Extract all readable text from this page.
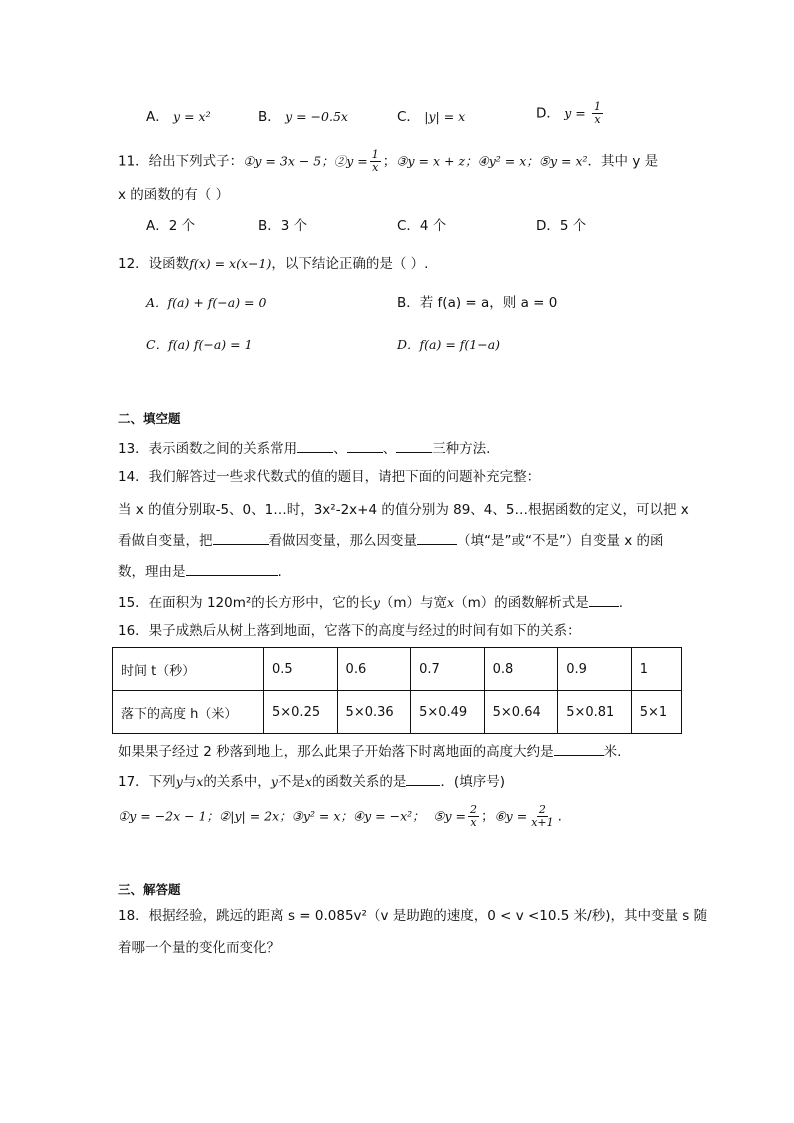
A． y = x²	B． y = −0.5x	C． |y| = x	D． $y = \frac{1}{x}$
11．给出下列式子：①y = 3x − 5；②y = $\frac{1}{x}$ ；③y = x + z；④y² = x；⑤y = x²．其中 y 是
x 的函数的有（ ）
A．2 个	B．3 个	C．4 个	D．5 个
12．设函数f(x) = x(x−1)，以下结论正确的是（ ）.
A．f(a) + f(−a) = 0	B．若 f(a) = a，则 a = 0
C．f(a) f(−a) = 1	D．f(a) = f(1−a)
二、填空题
13．表示函数之间的关系常用	、	、	三种方法.
14．我们解答过一些求代数式的值的题目，请把下面的问题补充完整：
当 x 的值分别取-5、0、1…时，3x²-2x+4 的值分别为 89、4、5…根据函数的定义，可以把 x
看做自变量，把	看做因变量，那么因变量	（填“是”或“不是”）自变量 x 的函
数，理由是	.
15．在面积为 120m²的长方形中，它的长y（m）与宽x（m）的函数解析式是 .
16．果子成熟后从树上落到地面，它落下的高度与经过的时间有如下的关系：
时间 t（秒）	0.5	0.6	0.7	0.8	0.9	1
落下的高度 h（米）	5×0.25	5×0.36	5×0.49	5×0.64	5×0.81	5×1
如果果子经过 2 秒落到地上，那么此果子开始落下时离地面的高度大约是	米.
17．下列y与x的关系中，y不是x的函数关系的是	．(填序号)
①y = −2x − 1；②|y| = 2x；③y² = x；④y = −x²； ⑤y = $\frac{2}{x}$ ；⑥y = $\frac{2}{x+1}$ .
三、解答题
18．根据经验，跳远的距离 s = 0.085v²（v 是助跑的速度，0 < v <10.5 米/秒)，其中变量 s 随
着哪一个量的变化而变化？
